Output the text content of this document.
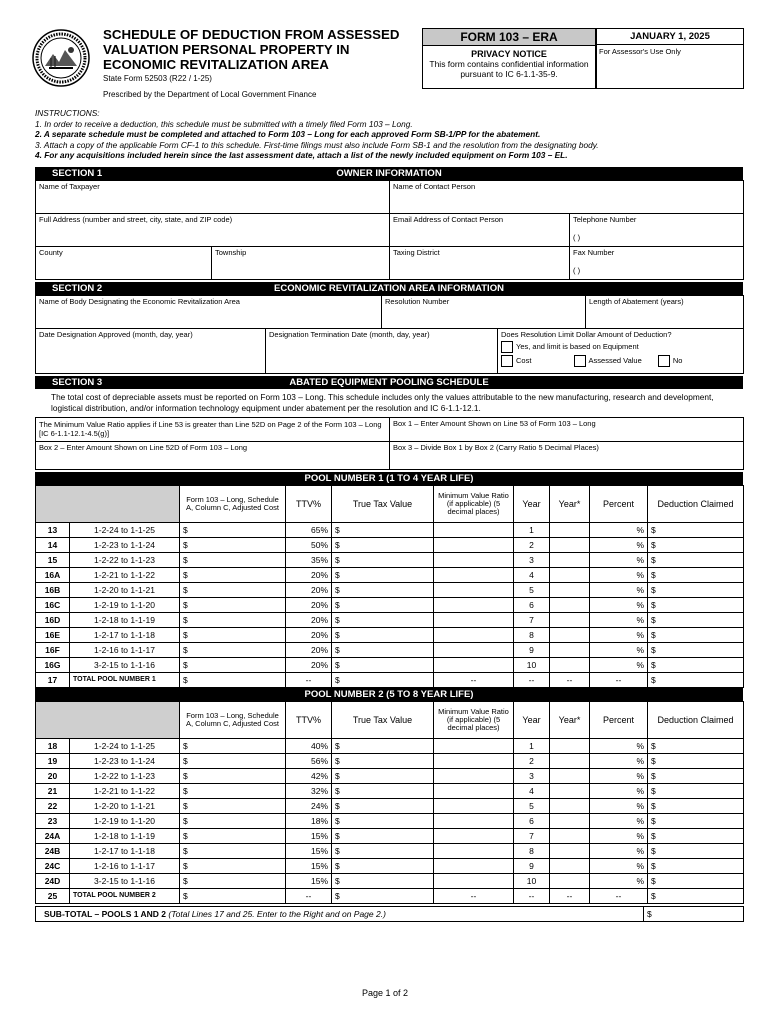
SCHEDULE OF DEDUCTION FROM ASSESSED VALUATION PERSONAL PROPERTY IN ECONOMIC REVITALIZATION AREA
State Form 52503 (R22 / 1-25)
Prescribed by the Department of Local Government Finance
FORM 103 – ERA
PRIVACY NOTICE
This form contains confidential information pursuant to IC 6-1.1-35-9.
JANUARY 1, 2025
For Assessor's Use Only
INSTRUCTIONS:
1. In order to receive a deduction, this schedule must be submitted with a timely filed Form 103 – Long.
2. A separate schedule must be completed and attached to Form 103 – Long for each approved Form SB-1/PP for the abatement.
3. Attach a copy of the applicable Form CF-1 to this schedule. First-time filings must also include Form SB-1 and the resolution from the designating body.
4. For any acquisitions included herein since the last assessment date, attach a list of the newly included equipment on Form 103 – EL.
SECTION 1	OWNER INFORMATION
Name of Taxpayer		Name of Contact Person	
Full Address (number and street, city, state, and ZIP code)		Email Address of Contact Person	Telephone Number

( )
County	Township	Taxing District	Fax Number

( )
SECTION 2	ECONOMIC REVITALIZATION AREA INFORMATION
Name of Body Designating the Economic Revitalization Area		Resolution Number		Length of Abatement (years)
Date Designation Approved (month, day, year)	Designation Termination Date (month, day, year)		Does Resolution Limit Dollar Amount of Deduction?
Yes, and limit is based on Equipment
Cost Assessed Value No	
SECTION 3	ABATED EQUIPMENT POOLING SCHEDULE
The total cost of depreciable assets must be reported on Form 103 – Long. This schedule includes only the values attributable to the new manufacturing, research and development, logistical distribution, and/or information technology equipment under abatement per the resolution and IC 6-1.1-12.1.
The Minimum Value Ratio applies if Line 53 is greater than Line 52D on Page 2 of the Form 103 – Long [IC 6-1.1-12.1-4.5(g)]	Box 1 – Enter Amount Shown on Line 53 of Form 103 – Long
Box 2 – Enter Amount Shown on Line 52D of Form 103 – Long	Box 3 – Divide Box 1 by Box 2 (Carry Ratio 5 Decimal Places)
POOL NUMBER 1 (1 TO 4 YEAR LIFE)
		Form 103 – Long, Schedule A, Column C, Adjusted Cost	TTV%	True Tax Value	Minimum Value Ratio (if applicable) (5 decimal places)	Year	Year*	Percent	Deduction Claimed
13	1-2-24 to 1-1-25	$	65%	$		1		%	$
14	1-2-23 to 1-1-24	$	50%	$		2		%	$
15	1-2-22 to 1-1-23	$	35%	$		3		%	$
16A	1-2-21 to 1-1-22	$	20%	$		4		%	$
16B	1-2-20 to 1-1-21	$	20%	$		5		%	$
16C	1-2-19 to 1-1-20	$	20%	$		6		%	$
16D	1-2-18 to 1-1-19	$	20%	$		7		%	$
16E	1-2-17 to 1-1-18	$	20%	$		8		%	$
16F	1-2-16 to 1-1-17	$	20%	$		9		%	$
16G	3-2-15 to 1-1-16	$	20%	$		10		%	$
17	TOTAL POOL NUMBER 1	$	--	$	--	--	--	--	$
POOL NUMBER 2 (5 TO 8 YEAR LIFE)
		Form 103 – Long, Schedule A, Column C, Adjusted Cost	TTV%	True Tax Value	Minimum Value Ratio (if applicable) (5 decimal places)	Year	Year*	Percent	Deduction Claimed
18	1-2-24 to 1-1-25	$	40%	$		1		%	$
19	1-2-23 to 1-1-24	$	56%	$		2		%	$
20	1-2-22 to 1-1-23	$	42%	$		3		%	$
21	1-2-21 to 1-1-22	$	32%	$		4		%	$
22	1-2-20 to 1-1-21	$	24%	$		5		%	$
23	1-2-19 to 1-1-20	$	18%	$		6		%	$
24A	1-2-18 to 1-1-19	$	15%	$		7		%	$
24B	1-2-17 to 1-1-18	$	15%	$		8		%	$
24C	1-2-16 to 1-1-17	$	15%	$		9		%	$
24D	3-2-15 to 1-1-16	$	15%	$		10		%	$
25	TOTAL POOL NUMBER 2	$	--	$	--	--	--	--	$
SUB-TOTAL – POOLS 1 AND 2 (Total Lines 17 and 25. Enter to the Right and on Page 2.)	$
Page 1 of 2
